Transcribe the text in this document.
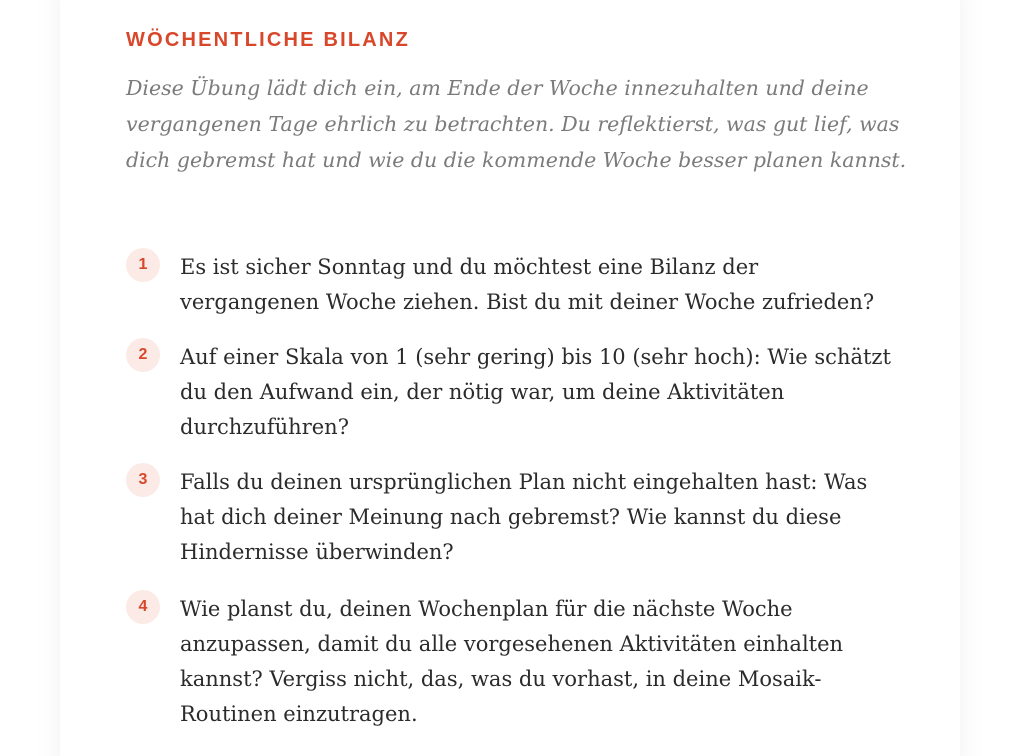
WÖCHENTLICHE BILANZ

Diese Übung lädt dich ein, am Ende der Woche innezuhalten und deine vergangenen Tage ehrlich zu betrachten. Du reflektierst, was gut lief, was dich gebremst hat und wie du die kommende Woche besser planen kannst.

1	Es ist sicher Sonntag und du möchtest eine Bilanz der vergangenen Woche ziehen. Bist du mit deiner Woche zufrieden?

2	Auf einer Skala von 1 (sehr gering) bis 10 (sehr hoch): Wie schätzt du den Aufwand ein, der nötig war, um deine Aktivitäten durchzuführen?

3	Falls du deinen ursprünglichen Plan nicht eingehalten hast: Was hat dich deiner Meinung nach gebremst? Wie kannst du diese Hindernisse überwinden?

4	Wie planst du, deinen Wochenplan für die nächste Woche anzupassen, damit du alle vorgesehenen Aktivitäten einhalten kannst? Vergiss nicht, das, was du vorhast, in deine Mosaik-Routinen einzutragen.
